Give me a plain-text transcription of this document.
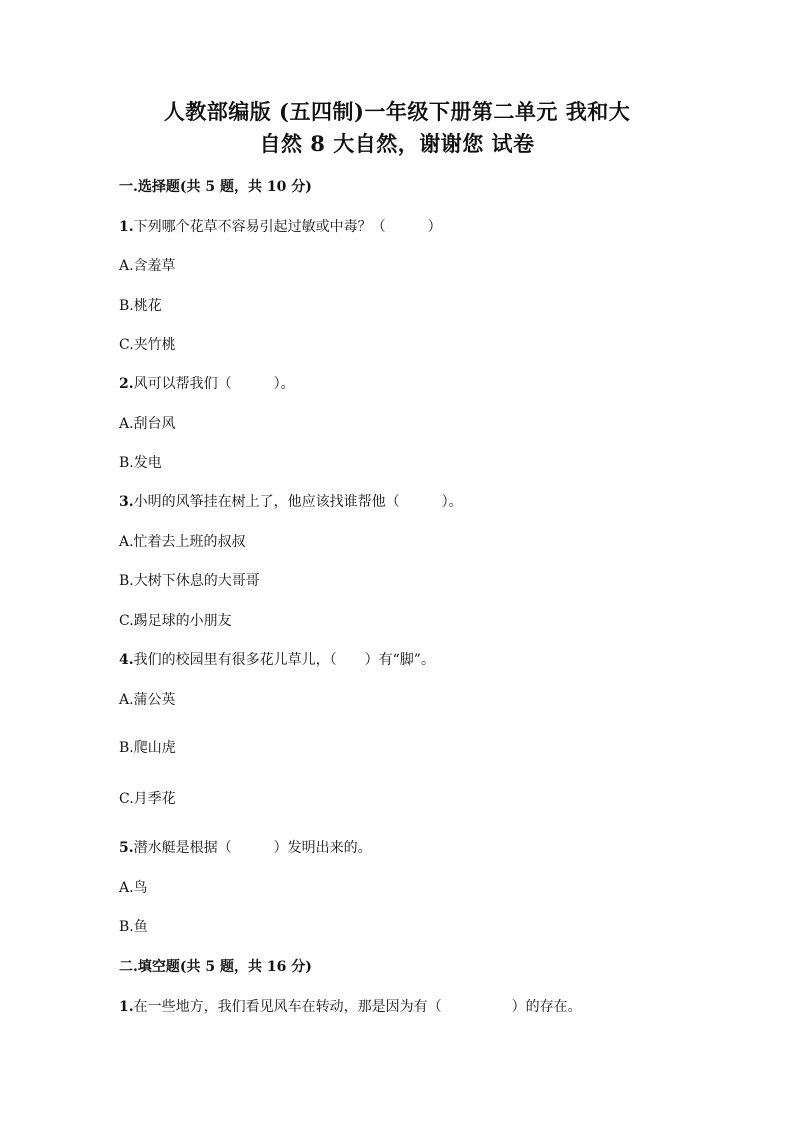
人教部编版 (五四制)一年级下册第二单元 我和大
自然 8 大自然，谢谢您 试卷
一.选择题(共 5 题，共 10 分)
1.下列哪个花草不容易引起过敏或中毒？（　　　）
A.含羞草
B.桃花
C.夹竹桃
2.风可以帮我们（　　　）。
A.刮台风
B.发电
3.小明的风筝挂在树上了，他应该找谁帮他（　　　）。
A.忙着去上班的叔叔
B.大树下休息的大哥哥
C.踢足球的小朋友
4.我们的校园里有很多花儿草儿，（　　）有“脚”。
A.蒲公英
B.爬山虎
C.月季花
5.潜水艇是根据（　　　）发明出来的。
A.鸟
B.鱼
二.填空题(共 5 题，共 16 分)
1.在一些地方，我们看见风车在转动，那是因为有（　　　　　）的存在。
